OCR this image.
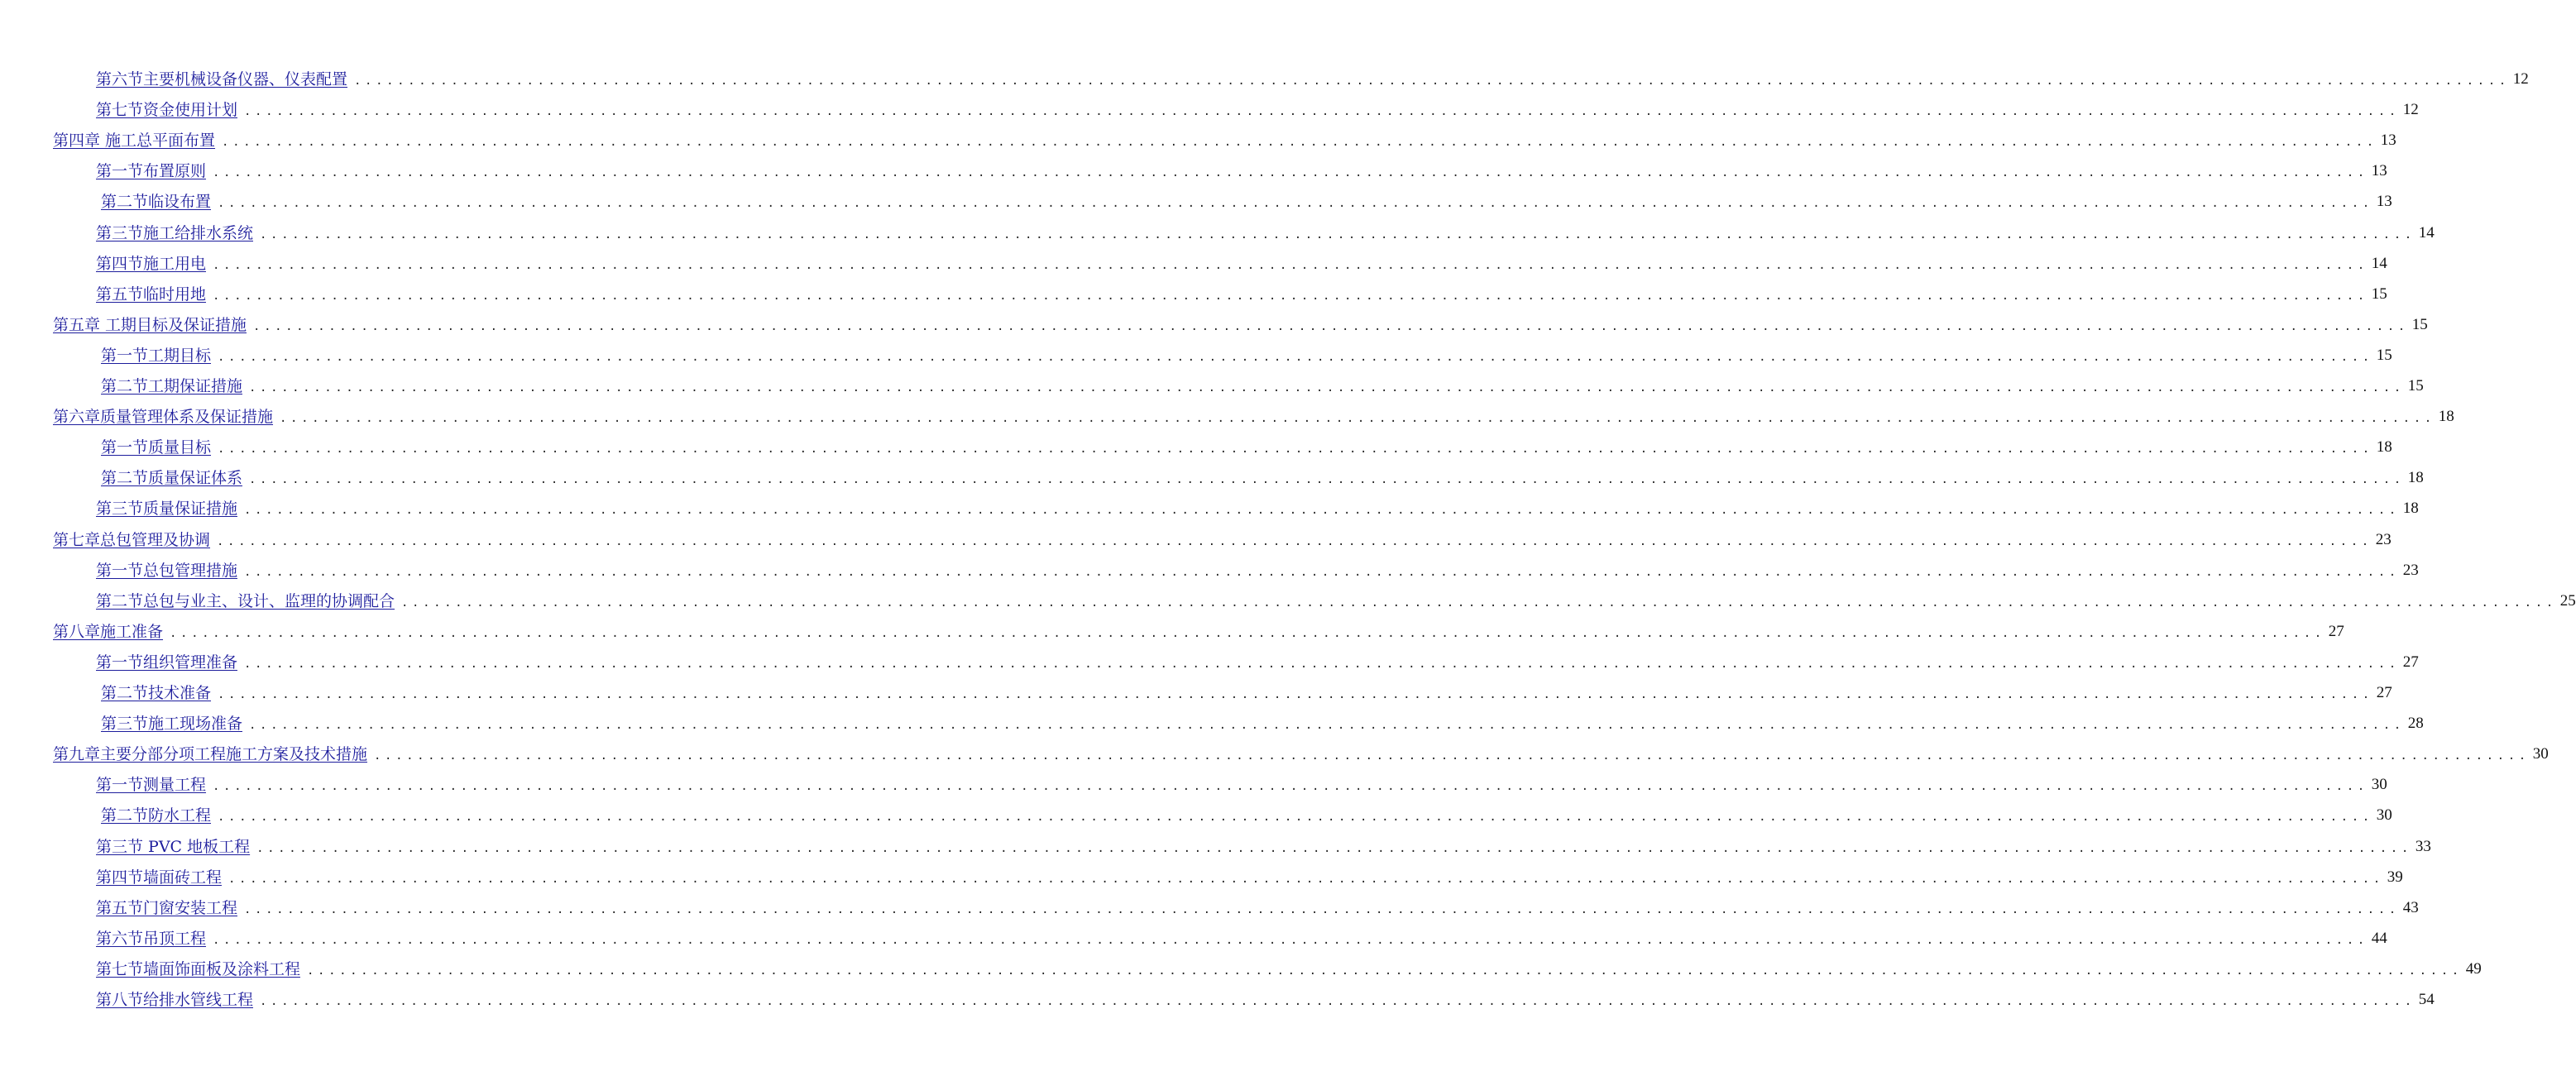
第六节主要机械设备仪器、仪表配置 ........................................................................................................................................................................................................ 12
第七节资金使用计划 ........................................................................................................................................................................................................ 12
第四章 施工总平面布置 ........................................................................................................................................................................................................ 13
第一节布置原则 ........................................................................................................................................................................................................ 13
第二节临设布置 ........................................................................................................................................................................................................ 13
第三节施工给排水系统 ........................................................................................................................................................................................................ 14
第四节施工用电 ........................................................................................................................................................................................................ 14
第五节临时用地 ........................................................................................................................................................................................................ 15
第五章 工期目标及保证措施 ........................................................................................................................................................................................................ 15
第一节工期目标 ........................................................................................................................................................................................................ 15
第二节工期保证措施 ........................................................................................................................................................................................................ 15
第六章质量管理体系及保证措施 ........................................................................................................................................................................................................ 18
第一节质量目标 ........................................................................................................................................................................................................ 18
第二节质量保证体系 ........................................................................................................................................................................................................ 18
第三节质量保证措施 ........................................................................................................................................................................................................ 18
第七章总包管理及协调 ........................................................................................................................................................................................................ 23
第一节总包管理措施 ........................................................................................................................................................................................................ 23
第二节总包与业主、设计、监理的协调配合 ........................................................................................................................................................................................................ 25
第八章施工准备 ........................................................................................................................................................................................................ 27
第一节组织管理准备 ........................................................................................................................................................................................................ 27
第二节技术准备 ........................................................................................................................................................................................................ 27
第三节施工现场准备 ........................................................................................................................................................................................................ 28
第九章主要分部分项工程施工方案及技术措施 ........................................................................................................................................................................................................ 30
第一节测量工程 ........................................................................................................................................................................................................ 30
第二节防水工程 ........................................................................................................................................................................................................ 30
第三节 PVC 地板工程 ........................................................................................................................................................................................................ 33
第四节墙面砖工程 ........................................................................................................................................................................................................ 39
第五节门窗安装工程 ........................................................................................................................................................................................................ 43
第六节吊顶工程 ........................................................................................................................................................................................................ 44
第七节墙面饰面板及涂料工程 ........................................................................................................................................................................................................ 49
第八节给排水管线工程 ........................................................................................................................................................................................................ 54
